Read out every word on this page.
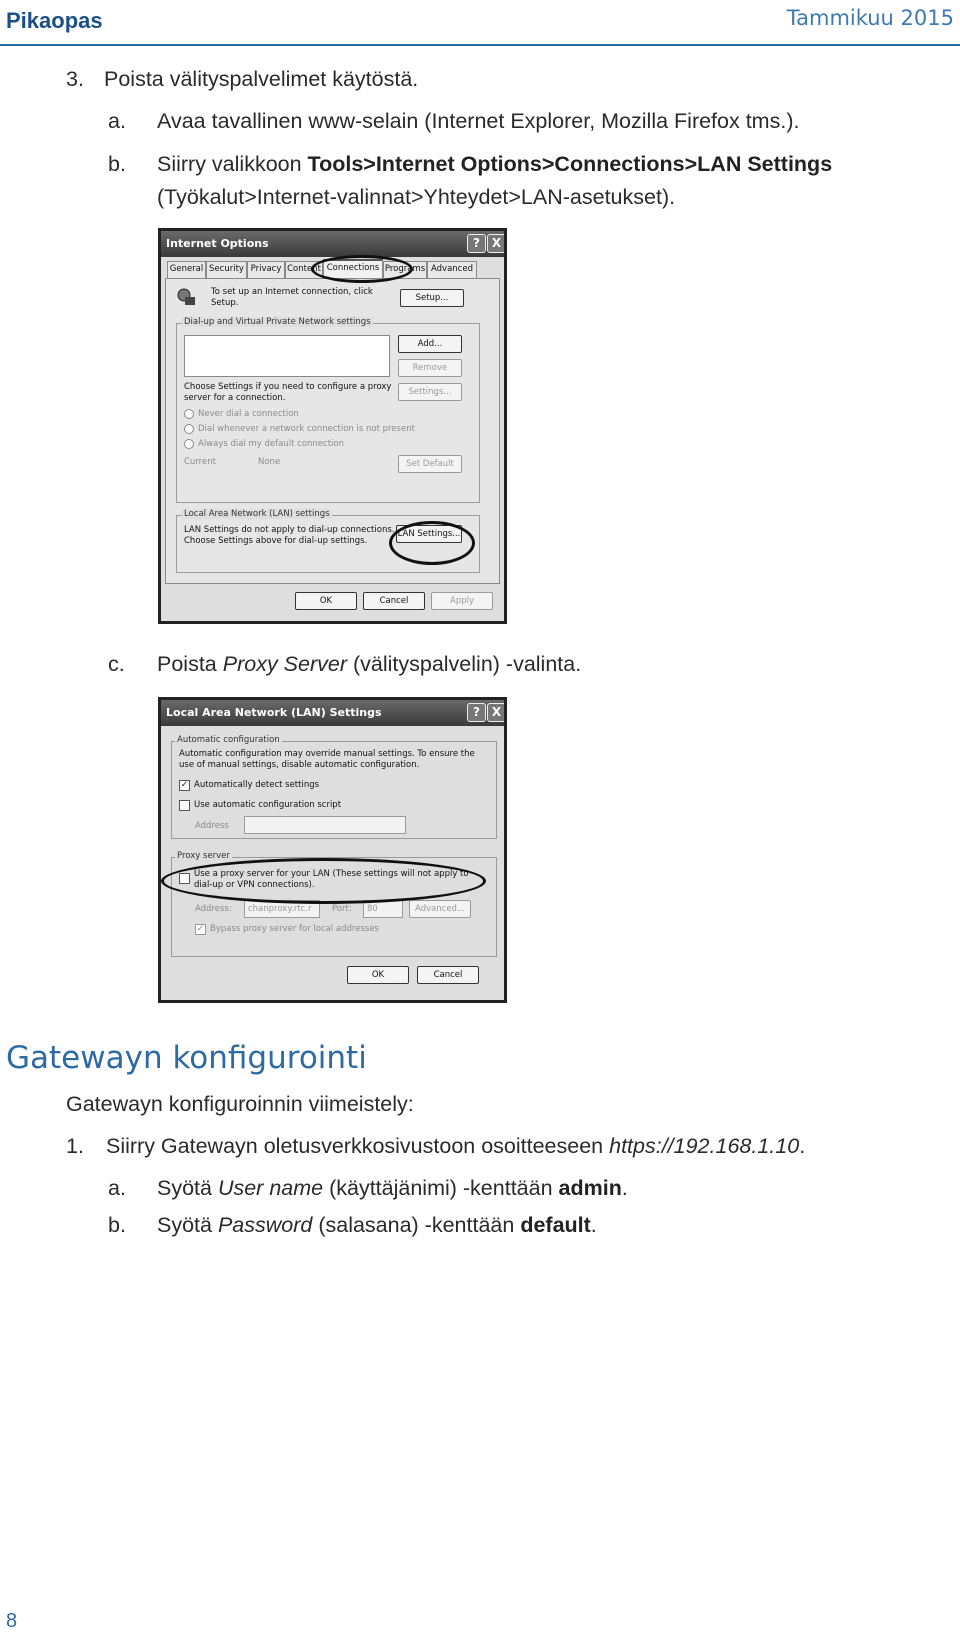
Pikaopas	Tammikuu 2015
3. Poista välityspalvelimet käytöstä.
a. Avaa tavallinen www-selain (Internet Explorer, Mozilla Firefox tms.).
b. Siirry valikkoon Tools>Internet Options>Connections>LAN Settings
(Työkalut>Internet-valinnat>Yhteydet>LAN-asetukset).
Internet Options	? X
General Security Privacy Content Connections Programs Advanced
To set up an Internet connection, click
Setup.	Setup...
Dial-up and Virtual Private Network settings
Add...
Remove
Choose Settings if you need to configure a proxy
server for a connection.
Settings...
Never dial a connection
Dial whenever a network connection is not present
Always dial my default connection
Current	None	Set Default
Local Area Network (LAN) settings
LAN Settings do not apply to dial-up connections.
Choose Settings above for dial-up settings.
LAN Settings...
OK	Cancel	Apply
c. Poista Proxy Server (välityspalvelin) -valinta.
Local Area Network (LAN) Settings	? X
Automatic configuration
Automatic configuration may override manual settings. To ensure the
use of manual settings, disable automatic configuration.
✓ Automatically detect settings
Use automatic configuration script
Address
Proxy server
Use a proxy server for your LAN (These settings will not apply to
dial-up or VPN connections).
Address:	chanproxy.rtc.r	Port:	80	Advanced...
✓ Bypass proxy server for local addresses
OK	Cancel
Gatewayn konfigurointi
Gatewayn konfiguroinnin viimeistely:
1. Siirry Gatewayn oletusverkkosivustoon osoitteeseen https://192.168.1.10.
a. Syötä User name (käyttäjänimi) -kenttään admin.
b. Syötä Password (salasana) -kenttään default.
8
